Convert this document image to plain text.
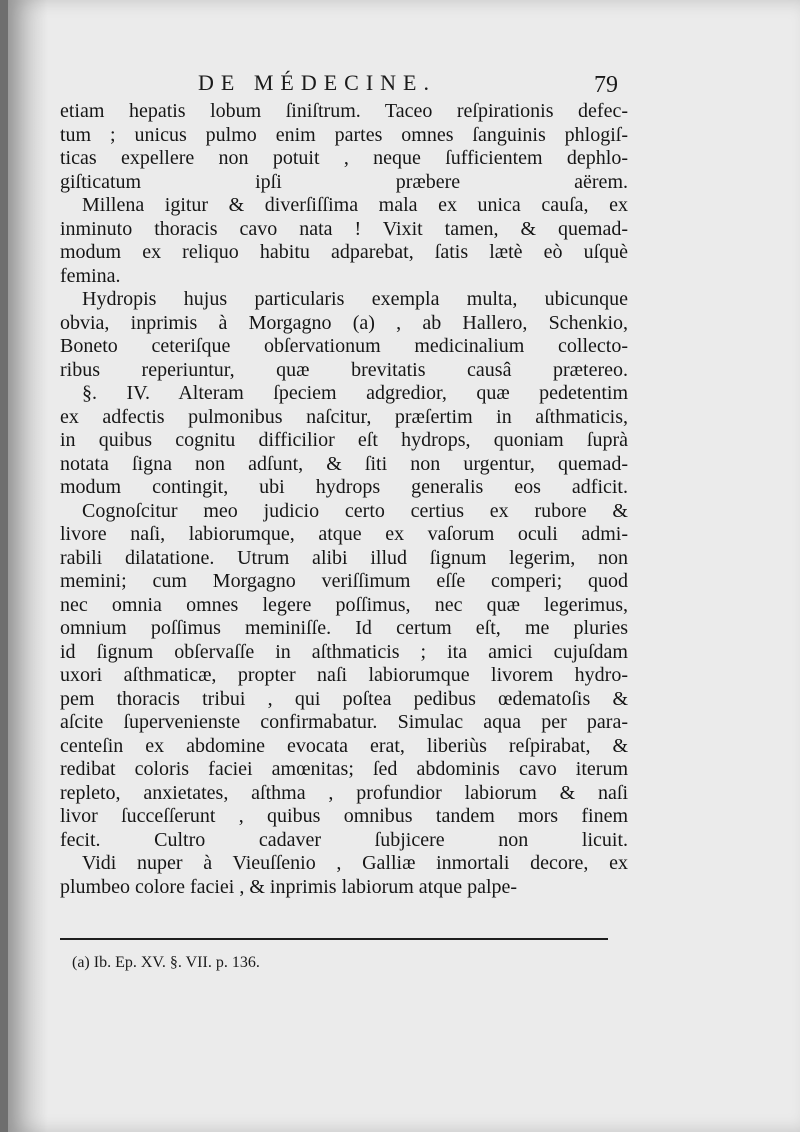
DE MÉDECINE.	79
etiam hepatis lobum ſiniſtrum. Taceo reſpirationis defec-
tum ; unicus pulmo enim partes omnes ſanguinis phlogiſ-
ticas expellere non potuit , neque ſufficientem dephlo-
giſticatum ipſi præbere aërem.
Millena igitur & diverſiſſima mala ex unica cauſa, ex
inminuto thoracis cavo nata ! Vixit tamen, & quemad-
modum ex reliquo habitu adparebat, ſatis lætè eò uſquè
femina.
Hydropis hujus particularis exempla multa, ubicunque
obvia, inprimis à Morgagno (a) , ab Hallero, Schenkio,
Boneto ceteriſque obſervationum medicinalium collecto-
ribus reperiuntur, quæ brevitatis causâ prætereo.
§. IV. Alteram ſpeciem adgredior, quæ pedetentim
ex adfectis pulmonibus naſcitur, præſertim in aſthmaticis,
in quibus cognitu difficilior eſt hydrops, quoniam ſuprà
notata ſigna non adſunt, & ſiti non urgentur, quemad-
modum contingit, ubi hydrops generalis eos adficit.
Cognoſcitur meo judicio certo certius ex rubore &
livore naſi, labiorumque, atque ex vaſorum oculi admi-
rabili dilatatione. Utrum alibi illud ſignum legerim, non
memini; cum Morgagno veriſſimum eſſe comperi; quod
nec omnia omnes legere poſſimus, nec quæ legerimus,
omnium poſſimus meminiſſe. Id certum eſt, me pluries
id ſignum obſervaſſe in aſthmaticis ; ita amici cujuſdam
uxori aſthmaticæ, propter naſi labiorumque livorem hydro-
pem thoracis tribui , qui poſtea pedibus œdematoſis &
aſcite ſupervenienste confirmabatur. Simulac aqua per para-
centeſin ex abdomine evocata erat, liberiùs reſpirabat, &
redibat coloris faciei amœnitas; ſed abdominis cavo iterum
repleto, anxietates, aſthma , profundior labiorum & naſi
livor ſucceſſerunt , quibus omnibus tandem mors finem
fecit. Cultro cadaver ſubjicere non licuit.
Vidi nuper à Vieuſſenio , Galliæ inmortali decore, ex
plumbeo colore faciei , & inprimis labiorum atque palpe-
(a) Ib. Ep. XV. §. VII. p. 136.
